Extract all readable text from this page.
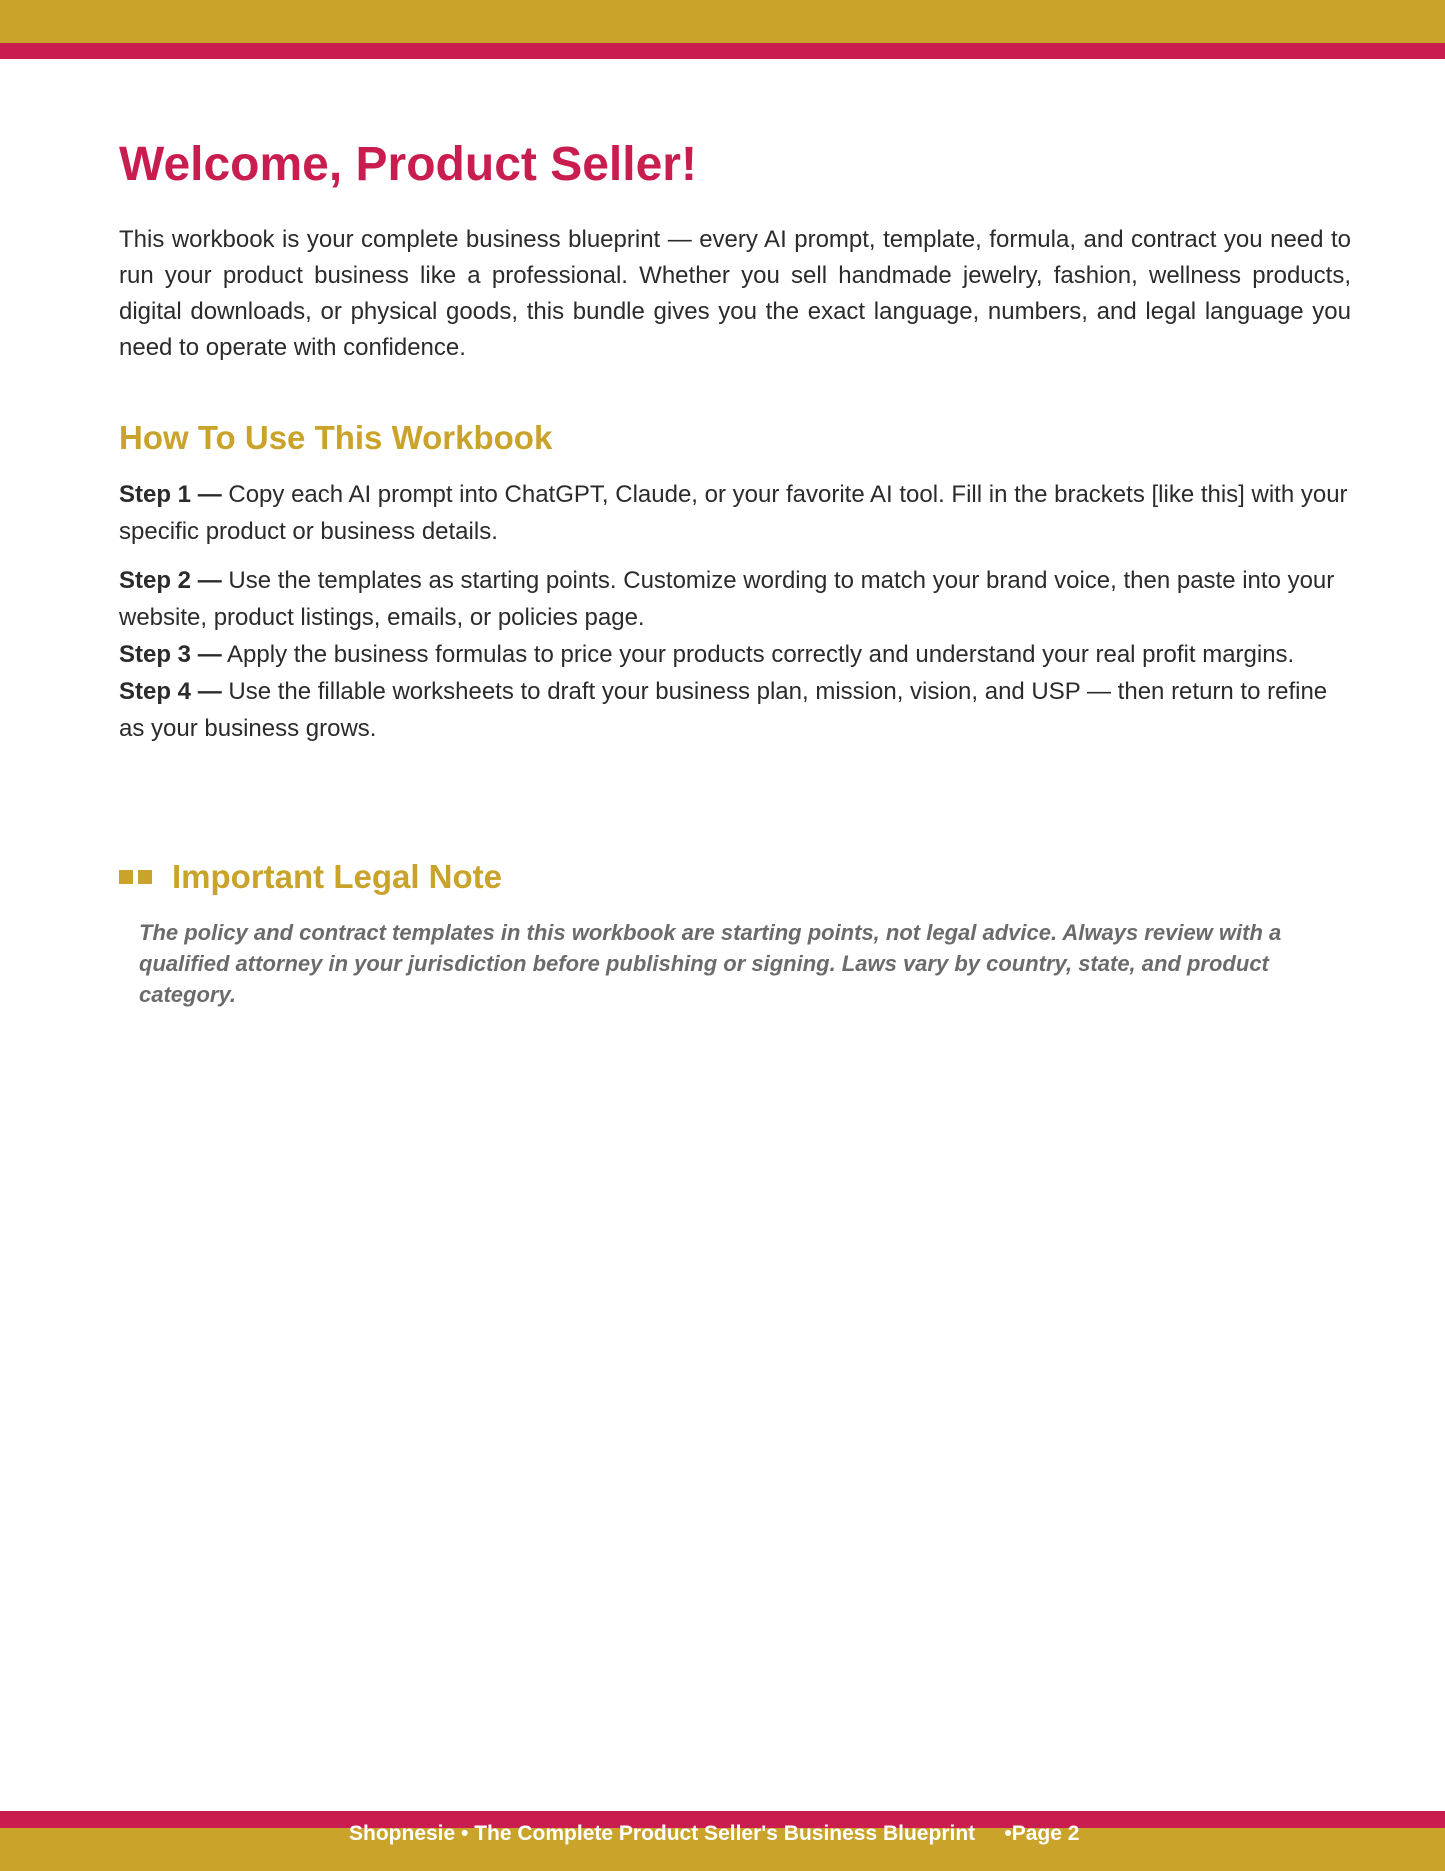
Welcome, Product Seller!

This workbook is your complete business blueprint — every AI prompt, template, formula, and contract you need to run your product business like a professional. Whether you sell handmade jewelry, fashion, wellness products, digital downloads, or physical goods, this bundle gives you the exact language, numbers, and legal language you need to operate with confidence.

How To Use This Workbook

Step 1 — Copy each AI prompt into ChatGPT, Claude, or your favorite AI tool. Fill in the brackets [like this] with your specific product or business details.

Step 2 — Use the templates as starting points. Customize wording to match your brand voice, then paste into your website, product listings, emails, or policies page.

Step 3 — Apply the business formulas to price your products correctly and understand your real profit margins.

Step 4 — Use the fillable worksheets to draft your business plan, mission, vision, and USP — then return to refine as your business grows.

Important Legal Note

The policy and contract templates in this workbook are starting points, not legal advice. Always review with a qualified attorney in your jurisdiction before publishing or signing. Laws vary by country, state, and product category.

Shopnesie • The Complete Product Seller's Business Blueprint •Page 2
